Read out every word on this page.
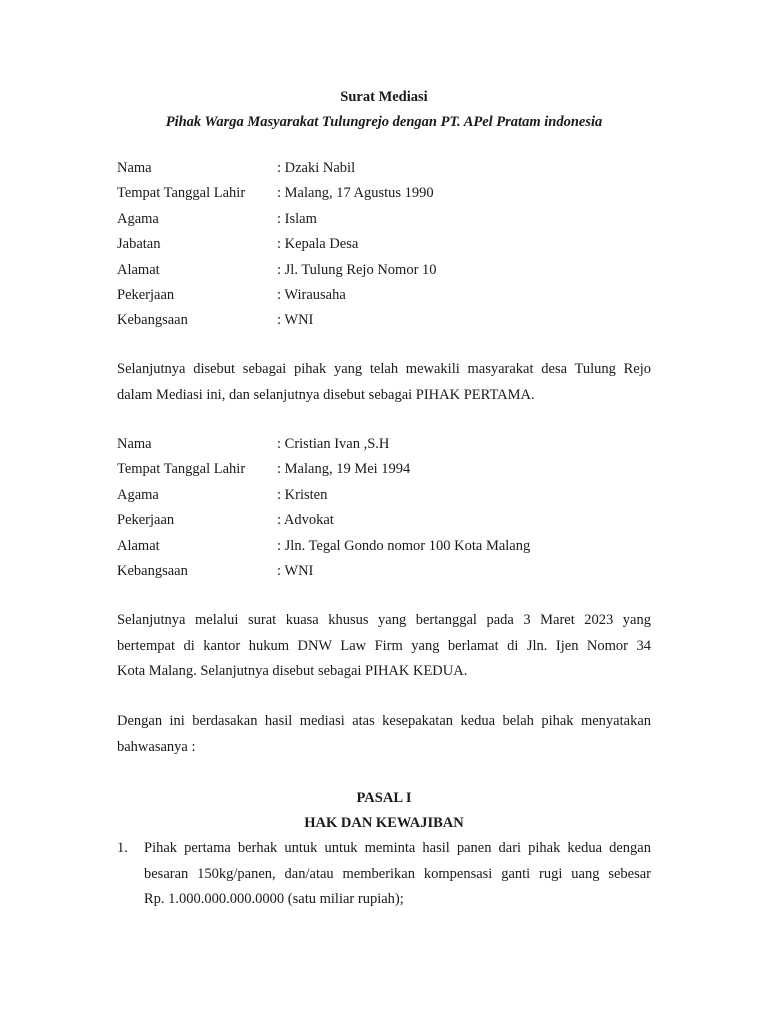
Surat Mediasi
Pihak Warga Masyarakat Tulungrejo dengan PT. APel Pratam indonesia
Nama	: Dzaki Nabil
Tempat Tanggal Lahir : Malang, 17 Agustus 1990
Agama	: Islam
Jabatan	: Kepala Desa
Alamat	: Jl. Tulung Rejo Nomor 10
Pekerjaan	: Wirausaha
Kebangsaan	: WNI

Selanjutnya disebut sebagai pihak yang telah mewakili masyarakat desa Tulung Rejo

dalam Mediasi ini, dan selanjutnya disebut sebagai PIHAK PERTAMA.

Nama	: Cristian Ivan ,S.H
Tempat Tanggal Lahir : Malang, 19 Mei 1994
Agama	: Kristen
Pekerjaan	: Advokat
Alamat	: Jln. Tegal Gondo nomor 100 Kota Malang
Kebangsaan	: WNI

Selanjutnya melalui surat kuasa khusus yang bertanggal pada 3 Maret 2023 yang

bertempat di kantor hukum DNW Law Firm yang berlamat di Jln. Ijen Nomor 34

Kota Malang. Selanjutnya disebut sebagai PIHAK KEDUA.

Dengan ini berdasakan hasil mediasi atas kesepakatan kedua belah pihak menyatakan

bahwasanya :

PASAL I
HAK DAN KEWAJIBAN
1. Pihak pertama berhak untuk untuk meminta hasil panen dari pihak kedua dengan
besaran 150kg/panen, dan/atau memberikan kompensasi ganti rugi uang sebesar
Rp. 1.000.000.000.0000 (satu miliar rupiah);
